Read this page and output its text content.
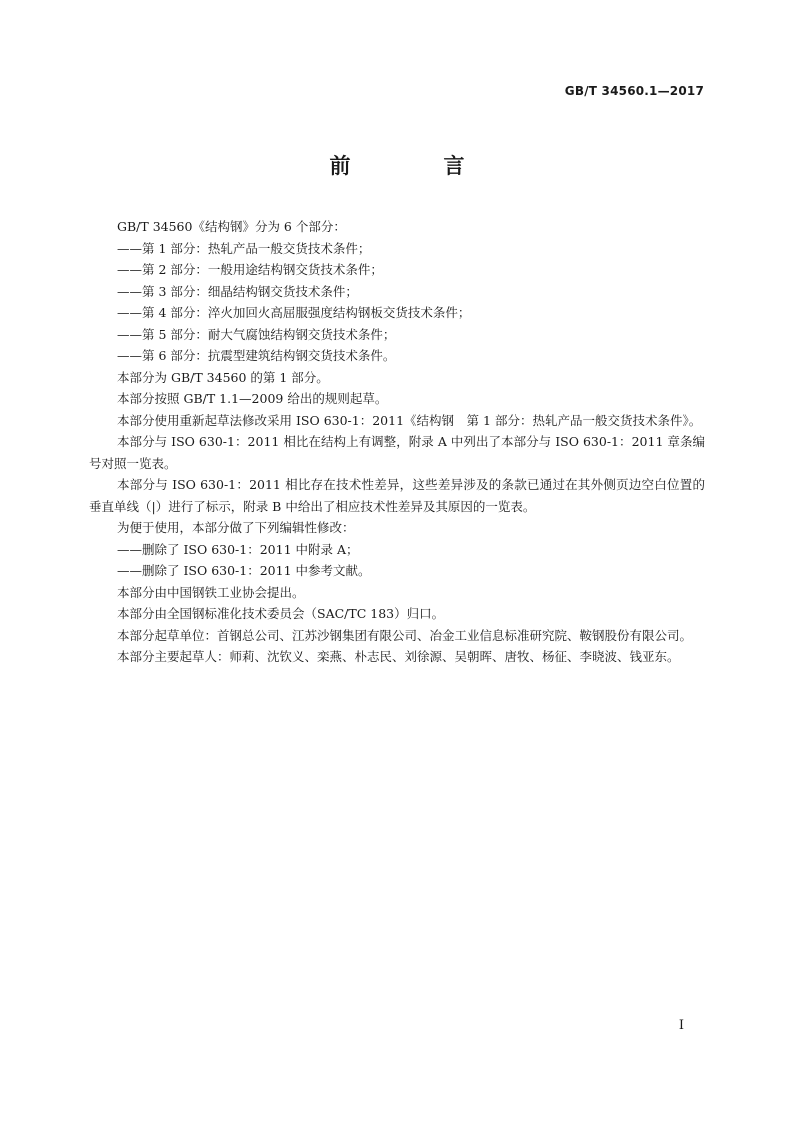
GB/T 34560.1—2017
前　言

GB/T 34560《结构钢》分为 6 个部分：

——第 1 部分：热轧产品一般交货技术条件；

——第 2 部分：一般用途结构钢交货技术条件；

——第 3 部分：细晶结构钢交货技术条件；

——第 4 部分：淬火加回火高屈服强度结构钢板交货技术条件；

——第 5 部分：耐大气腐蚀结构钢交货技术条件；

——第 6 部分：抗震型建筑结构钢交货技术条件。

本部分为 GB/T 34560 的第 1 部分。

本部分按照 GB/T 1.1—2009 给出的规则起草。

本部分使用重新起草法修改采用 ISO 630-1：2011《结构钢　第 1 部分：热轧产品一般交货技术条件》。

本部分与 ISO 630-1：2011 相比在结构上有调整，附录 A 中列出了本部分与 ISO 630-1：2011 章条编号对照一览表。

本部分与 ISO 630-1：2011 相比存在技术性差异，这些差异涉及的条款已通过在其外侧页边空白位置的垂直单线（|）进行了标示，附录 B 中给出了相应技术性差异及其原因的一览表。

为便于使用，本部分做了下列编辑性修改：

——删除了 ISO 630-1：2011 中附录 A；

——删除了 ISO 630-1：2011 中参考文献。

本部分由中国钢铁工业协会提出。

本部分由全国钢标准化技术委员会（SAC/TC 183）归口。

本部分起草单位：首钢总公司、江苏沙钢集团有限公司、冶金工业信息标准研究院、鞍钢股份有限公司。

本部分主要起草人：师莉、沈钦义、栾燕、朴志民、刘徐源、吴朝晖、唐牧、杨征、李晓波、钱亚东。

I
